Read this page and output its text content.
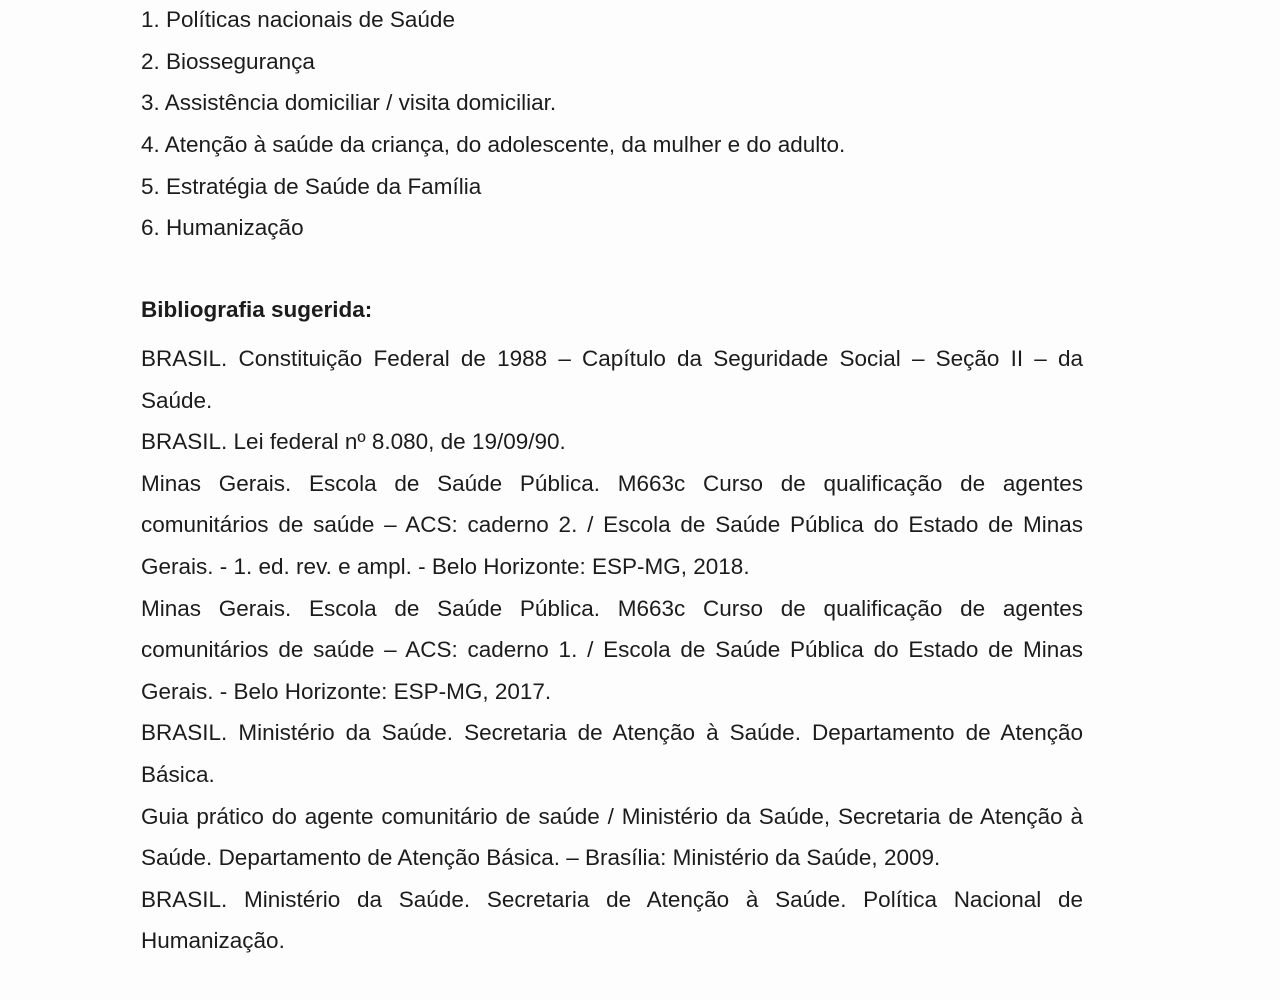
1. Políticas nacionais de Saúde
2. Biossegurança
3. Assistência domiciliar / visita domiciliar.
4. Atenção à saúde da criança, do adolescente, da mulher e do adulto.
5. Estratégia de Saúde da Família
6. Humanização
Bibliografia sugerida:

BRASIL. Constituição Federal de 1988 – Capítulo da Seguridade Social – Seção II – da Saúde.

BRASIL. Lei federal nº 8.080, de 19/09/90.

Minas Gerais. Escola de Saúde Pública. M663c Curso de qualificação de agentes comunitários de saúde – ACS: caderno 2. / Escola de Saúde Pública do Estado de Minas Gerais. - 1. ed. rev. e ampl. - Belo Horizonte: ESP-MG, 2018.

Minas Gerais. Escola de Saúde Pública. M663c Curso de qualificação de agentes comunitários de saúde – ACS: caderno 1. / Escola de Saúde Pública do Estado de Minas Gerais. - Belo Horizonte: ESP-MG, 2017.

BRASIL. Ministério da Saúde. Secretaria de Atenção à Saúde. Departamento de Atenção Básica.

Guia prático do agente comunitário de saúde / Ministério da Saúde, Secretaria de Atenção à Saúde. Departamento de Atenção Básica. – Brasília: Ministério da Saúde, 2009.

BRASIL. Ministério da Saúde. Secretaria de Atenção à Saúde. Política Nacional de Humanização.
